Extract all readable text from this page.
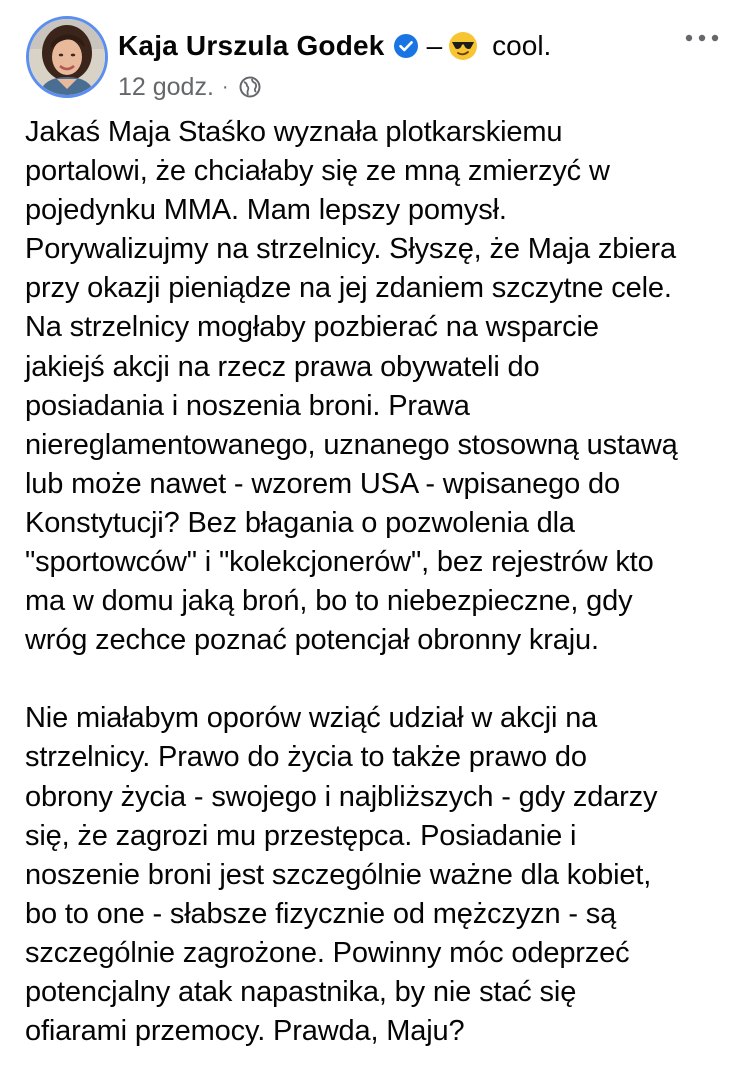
Kaja Urszula Godek – cool.
12 godz. ·

Jakaś Maja Staśko wyznała plotkarskiemu
portalowi, że chciałaby się ze mną zmierzyć w
pojedynku MMA. Mam lepszy pomysł.
Porywalizujmy na strzelnicy. Słyszę, że Maja zbiera
przy okazji pieniądze na jej zdaniem szczytne cele.
Na strzelnicy mogłaby pozbierać na wsparcie
jakiejś akcji na rzecz prawa obywateli do
posiadania i noszenia broni. Prawa
niereglamentowanego, uznanego stosowną ustawą
lub może nawet - wzorem USA - wpisanego do
Konstytucji? Bez błagania o pozwolenia dla
"sportowców" i "kolekcjonerów", bez rejestrów kto
ma w domu jaką broń, bo to niebezpieczne, gdy
wróg zechce poznać potencjał obronny kraju.

Nie miałabym oporów wziąć udział w akcji na
strzelnicy. Prawo do życia to także prawo do
obrony życia - swojego i najbliższych - gdy zdarzy
się, że zagrozi mu przestępca. Posiadanie i
noszenie broni jest szczególnie ważne dla kobiet,
bo to one - słabsze fizycznie od mężczyzn - są
szczególnie zagrożone. Powinny móc odeprzeć
potencjalny atak napastnika, by nie stać się
ofiarami przemocy. Prawda, Maju?
